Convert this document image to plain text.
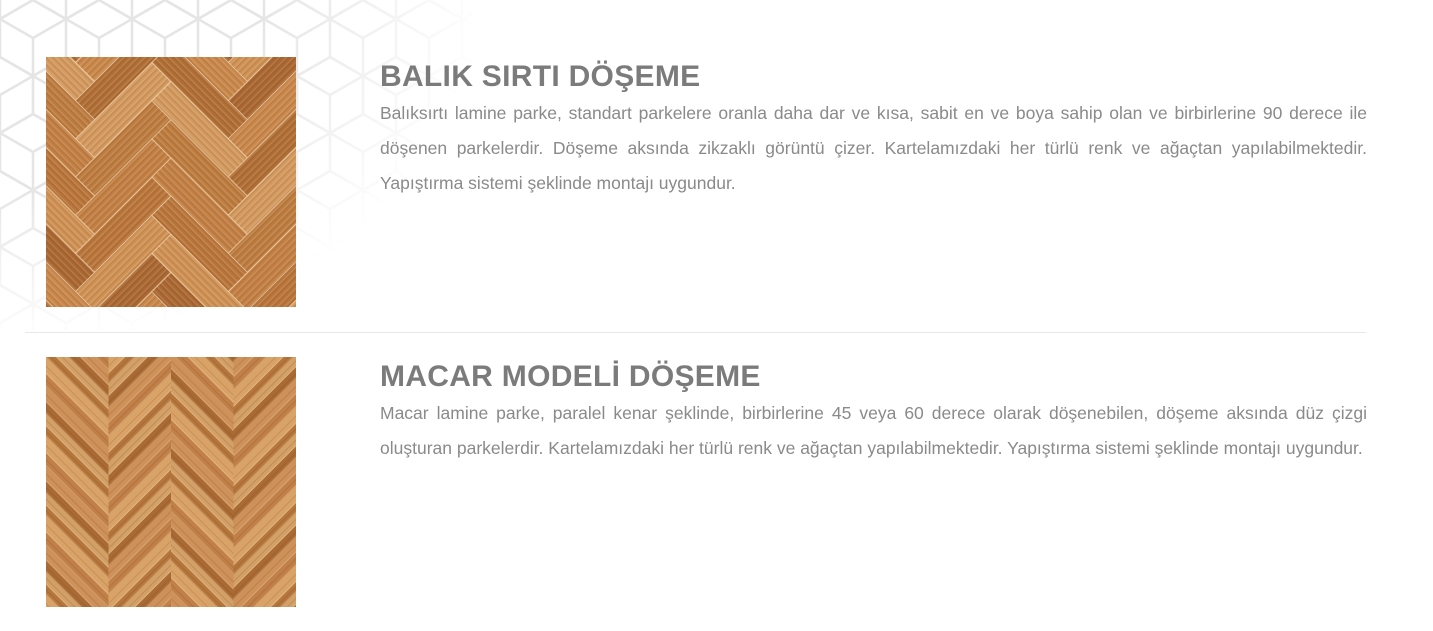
BALIK SIRTI DÖŞEME

Balıksırtı lamine parke, standart parkelere oranla daha dar ve kısa, sabit en ve boya sahip olan ve birbirlerine 90 derece ile döşenen parkelerdir. Döşeme aksında zikzaklı görüntü çizer. Kartelamızdaki her türlü renk ve ağaçtan yapılabilmektedir. Yapıştırma sistemi şeklinde montajı uygundur.

MACAR MODELİ DÖŞEME

Macar lamine parke, paralel kenar şeklinde, birbirlerine 45 veya 60 derece olarak döşenebilen, döşeme aksında düz çizgi oluşturan parkelerdir. Kartelamızdaki her türlü renk ve ağaçtan yapılabilmektedir. Yapıştırma sistemi şeklinde montajı uygundur.
